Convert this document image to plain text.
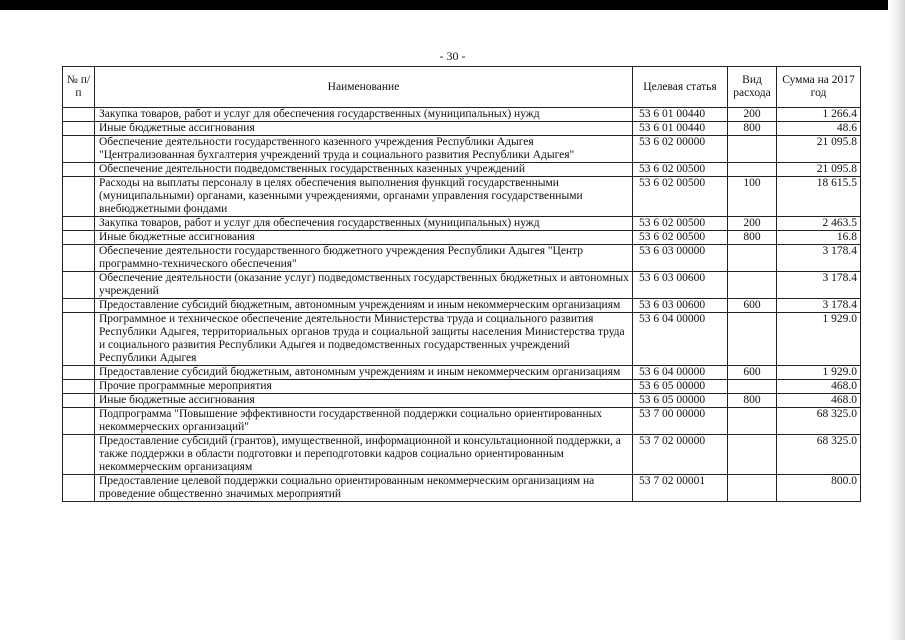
- 30 -
№ п/п	Наименование	Целевая статья	Вид расхода	Сумма на 2017 год
	Закупка товаров, работ и услуг для обеспечения государственных (муниципальных) нужд	53 6 01 00440	200	1 266.4
	Иные бюджетные ассигнования	53 6 01 00440	800	48.6
	Обеспечение деятельности государственного казенного учреждения Республики Адыгея "Централизованная бухгалтерия учреждений труда и социального развития Республики Адыгея"	53 6 02 00000		21 095.8
	Обеспечение деятельности подведомственных государственных казенных учреждений	53 6 02 00500		21 095.8
	Расходы на выплаты персоналу в целях обеспечения выполнения функций государственными (муниципальными) органами, казенными учреждениями, органами управления государственными внебюджетными фондами	53 6 02 00500	100	18 615.5
	Закупка товаров, работ и услуг для обеспечения государственных (муниципальных) нужд	53 6 02 00500	200	2 463.5
	Иные бюджетные ассигнования	53 6 02 00500	800	16.8
	Обеспечение деятельности государственного бюджетного учреждения Республики Адыгея "Центр программно-технического обеспечения"	53 6 03 00000		3 178.4
	Обеспечение деятельности (оказание услуг) подведомственных государственных бюджетных и автономных учреждений	53 6 03 00600		3 178.4
	Предоставление субсидий бюджетным, автономным учреждениям и иным некоммерческим организациям	53 6 03 00600	600	3 178.4
	Программное и техническое обеспечение деятельности Министерства труда и социального развития Республики Адыгея, территориальных органов труда и социальной защиты населения Министерства труда и социального развития Республики Адыгея и подведомственных государственных учреждений Республики Адыгея	53 6 04 00000		1 929.0
	Предоставление субсидий бюджетным, автономным учреждениям и иным некоммерческим организациям	53 6 04 00000	600	1 929.0
	Прочие программные мероприятия	53 6 05 00000		468.0
	Иные бюджетные ассигнования	53 6 05 00000	800	468.0
	Подпрограмма "Повышение эффективности государственной поддержки социально ориентированных некоммерческих организаций"	53 7 00 00000		68 325.0
	Предоставление субсидий (грантов), имущественной, информационной и консультационной поддержки, а также поддержки в области подготовки и переподготовки кадров социально ориентированным некоммерческим организациям	53 7 02 00000		68 325.0
	Предоставление целевой поддержки социально ориентированным некоммерческим организациям на проведение общественно значимых мероприятий	53 7 02 00001		800.0
